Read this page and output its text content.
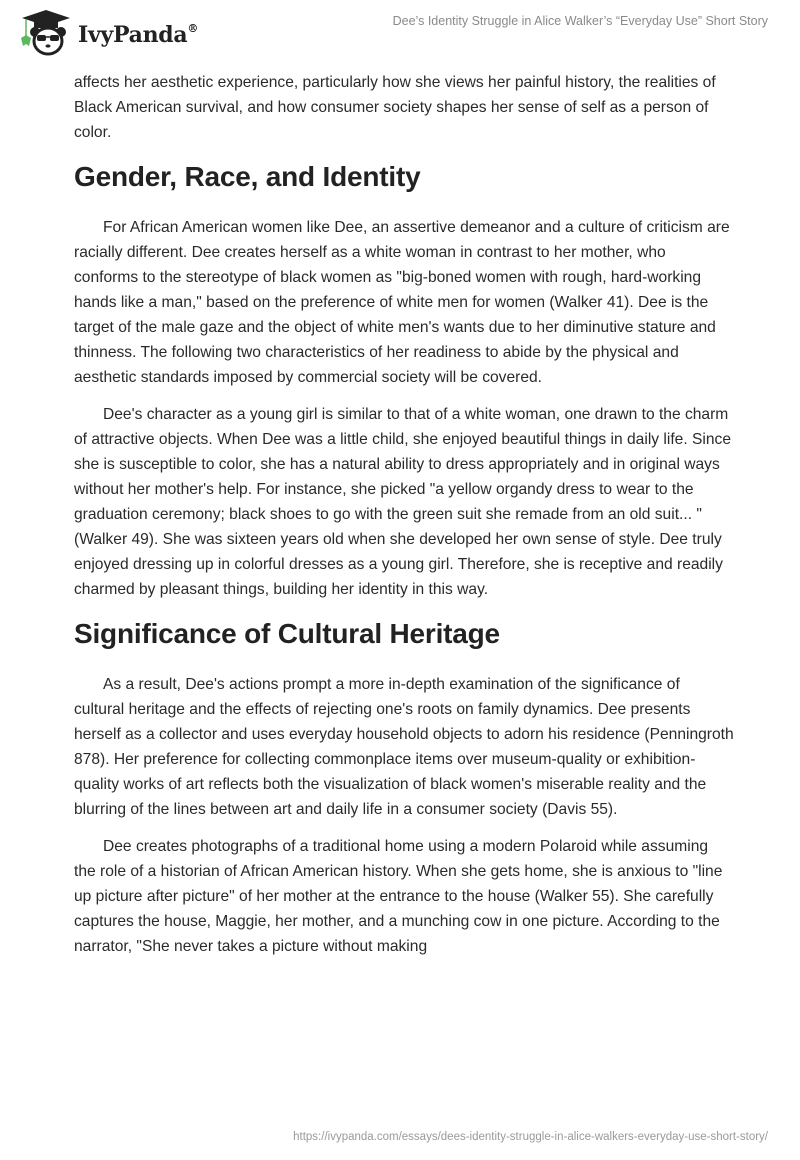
IvyPanda®
Dee’s Identity Struggle in Alice Walker’s “Everyday Use” Short Story

affects her aesthetic experience, particularly how she views her painful history, the realities of Black American survival, and how consumer society shapes her sense of self as a person of color.

Gender, Race, and Identity

For African American women like Dee, an assertive demeanor and a culture of criticism are racially different. Dee creates herself as a white woman in contrast to her mother, who conforms to the stereotype of black women as "big-boned women with rough, hard-working hands like a man," based on the preference of white men for women (Walker 41). Dee is the target of the male gaze and the object of white men's wants due to her diminutive stature and thinness. The following two characteristics of her readiness to abide by the physical and aesthetic standards imposed by commercial society will be covered.

Dee's character as a young girl is similar to that of a white woman, one drawn to the charm of attractive objects. When Dee was a little child, she enjoyed beautiful things in daily life. Since she is susceptible to color, she has a natural ability to dress appropriately and in original ways without her mother's help. For instance, she picked "a yellow organdy dress to wear to the graduation ceremony; black shoes to go with the green suit she remade from an old suit... " (Walker 49). She was sixteen years old when she developed her own sense of style. Dee truly enjoyed dressing up in colorful dresses as a young girl. Therefore, she is receptive and readily charmed by pleasant things, building her identity in this way.

Significance of Cultural Heritage

As a result, Dee's actions prompt a more in-depth examination of the significance of cultural heritage and the effects of rejecting one's roots on family dynamics. Dee presents herself as a collector and uses everyday household objects to adorn his residence (Penningroth 878). Her preference for collecting commonplace items over museum-quality or exhibition-quality works of art reflects both the visualization of black women's miserable reality and the blurring of the lines between art and daily life in a consumer society (Davis 55).

Dee creates photographs of a traditional home using a modern Polaroid while assuming the role of a historian of African American history. When she gets home, she is anxious to "line up picture after picture" of her mother at the entrance to the house (Walker 55). She carefully captures the house, Maggie, her mother, and a munching cow in one picture. According to the narrator, "She never takes a picture without making

https://ivypanda.com/essays/dees-identity-struggle-in-alice-walkers-everyday-use-short-story/
